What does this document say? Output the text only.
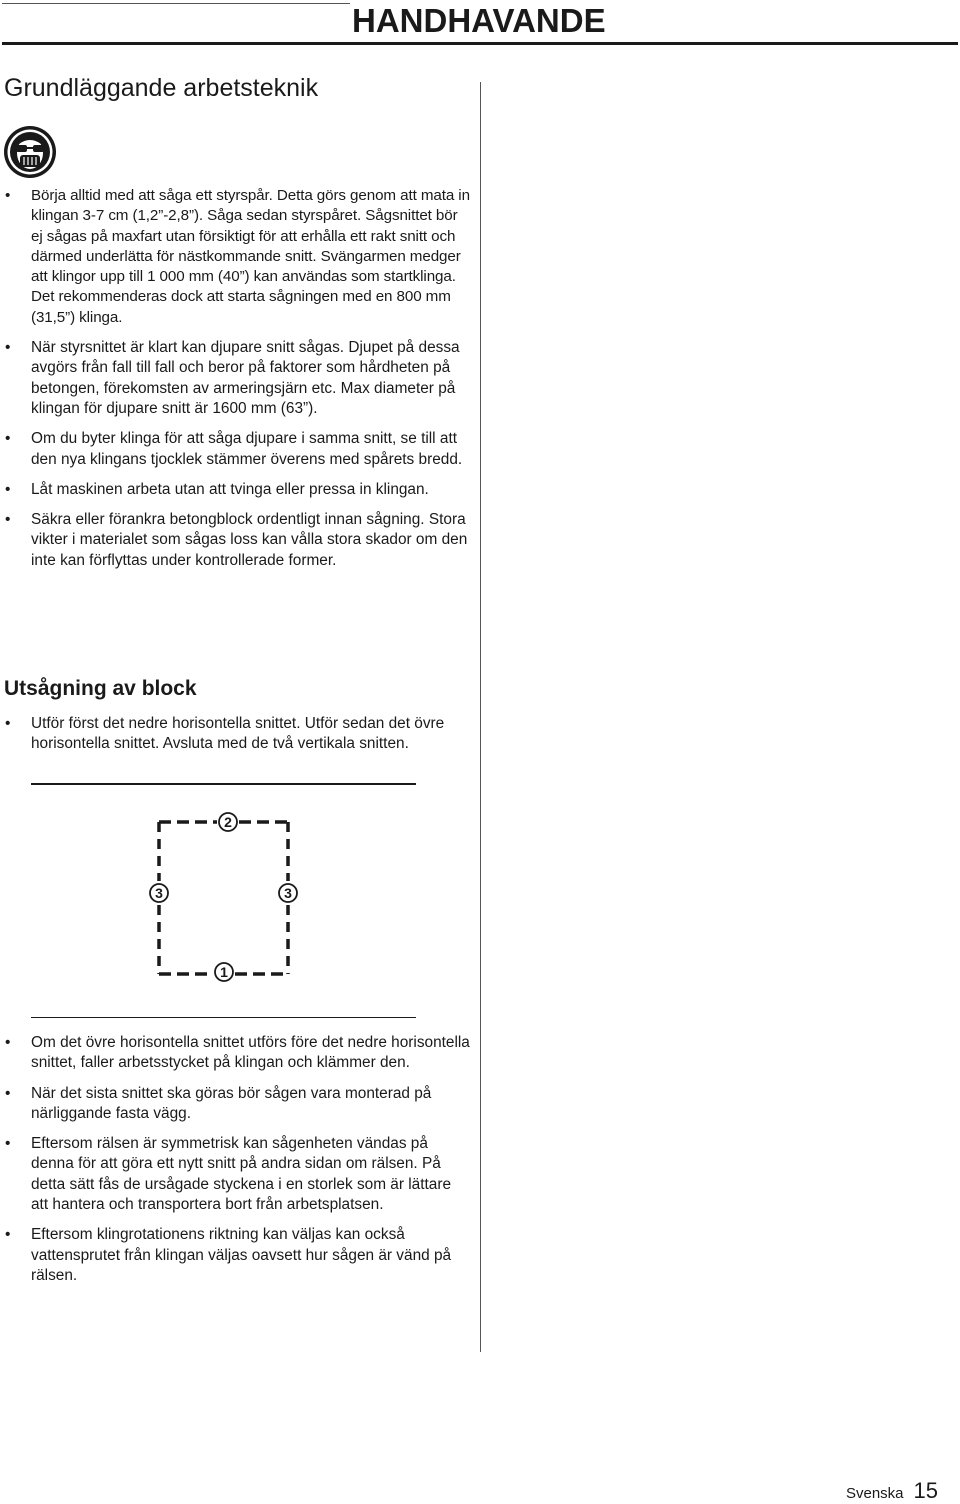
HANDHAVANDE
Grundläggande arbetsteknik
• Börja alltid med att såga ett styrspår. Detta görs genom att mata in klingan 3-7 cm (1,2”-2,8”). Såga sedan styrspåret. Sågsnittet bör ej sågas på maxfart utan försiktigt för att erhålla ett rakt snitt och därmed underlätta för nästkommande snitt. Svängarmen medger att klingor upp till 1 000 mm (40”) kan användas som startklinga. Det rekommenderas dock att starta sågningen med en 800 mm (31,5”) klinga.
• När styrsnittet är klart kan djupare snitt sågas. Djupet på dessa avgörs från fall till fall och beror på faktorer som hårdheten på betongen, förekomsten av armeringsjärn etc. Max diameter på klingan för djupare snitt är 1600 mm (63”).
• Om du byter klinga för att såga djupare i samma snitt, se till att den nya klingans tjocklek stämmer överens med spårets bredd.
• Låt maskinen arbeta utan att tvinga eller pressa in klingan.
• Säkra eller förankra betongblock ordentligt innan sågning. Stora vikter i materialet som sågas loss kan vålla stora skador om den inte kan förflyttas under kontrollerade former.
Utsågning av block
• Utför först det nedre horisontella snittet. Utför sedan det övre horisontella snittet. Avsluta med de två vertikala snitten.
2
3	3
1
• Om det övre horisontella snittet utförs före det nedre horisontella snittet, faller arbetsstycket på klingan och klämmer den.
• När det sista snittet ska göras bör sågen vara monterad på närliggande fasta vägg.
• Eftersom rälsen är symmetrisk kan sågenheten vändas på denna för att göra ett nytt snitt på andra sidan om rälsen. På detta sätt fås de ursågade styckena i en storlek som är lättare att hantera och transportera bort från arbetsplatsen.
• Eftersom klingrotationens riktning kan väljas kan också vattensprutet från klingan väljas oavsett hur sågen är vänd på rälsen.
Svenska 15
